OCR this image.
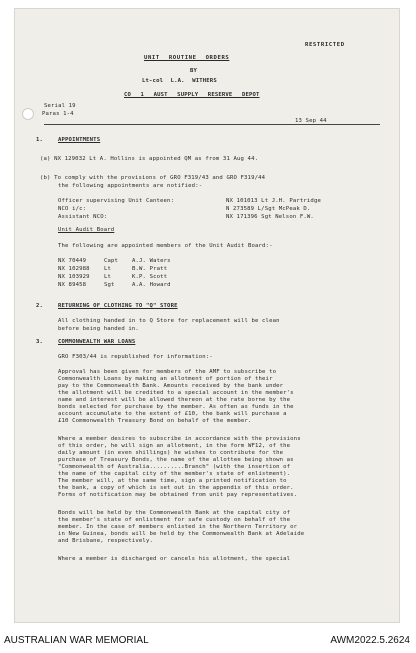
RESTRICTED
UNIT ROUTINE ORDERS
BY
Lt-col L.A. WITHERS
CO 1 AUST SUPPLY RESERVE DEPOT
Serial 19
Paras 1-4
13 Sep 44
1.	APPOINTMENTS
(a) NX 129032 Lt A. Hollins is appointed QM as from 31 Aug 44.
(b) To comply with the provisions of GRO F319/43 and GRO F319/44
the following appointments are notified:-
Officer supervising Unit Canteen:	NX 101013 Lt J.H. Partridge
NCO i/c:	N 273589 L/Sgt McPeak D.
Assistant NCO:	NX 171396 Sgt Nelson F.W.
Unit Audit Board
The following are appointed members of the Unit Audit Board:-
NX 70449	Capt A.J. Waters
NX 102988	Lt	B.W. Pratt
NX 103929	Lt	K.P. Scott
NX 89458	Sgt	A.A. Howard
2.	RETURNING OF CLOTHING TO "Q" STORE
All clothing handed in to Q Store for replacement will be clean
before being handed in.
3.	COMMONWEALTH WAR LOANS
GRO F303/44 is republished for information:-
Approval has been given for members of the AMF to subscribe to
Commonwealth Loans by making an allotment of portion of their
pay to the Commonwealth Bank. Amounts received by the bank under
the allotment will be credited to a special account in the member's
name and interest will be allowed thereon at the rate borne by the
bonds selected for purchase by the member. As often as funds in the
account accumulate to the extent of £10, the bank will purchase a
£10 Commonwealth Treasury Bond on behalf of the member.
Where a member desires to subscribe in accordance with the provisions
of this order, he will sign an allotment, in the form WF12, of the
daily amount (in even shillings) he wishes to contribute for the
purchase of Treasury Bonds, the name of the allottee being shown as
"Commonwealth of Australia..........Branch" (with the insertion of
the name of the capital city of the member's state of enlistment).
The member will, at the same time, sign a printed notification to
the bank, a copy of which is set out in the appendix of this order.
Forms of notification may be obtained from unit pay representatives.
Bonds will be held by the Commonwealth Bank at the capital city of
the member's state of enlistment for safe custody on behalf of the
member. In the case of members enlisted in the Northern Territory or
in New Guinea, bonds will be held by the Commonwealth Bank at Adelaide
and Brisbane, respectively.
Where a member is discharged or cancels his allotment, the special
AUSTRALIAN WAR MEMORIAL	AWM2022.5.2624
